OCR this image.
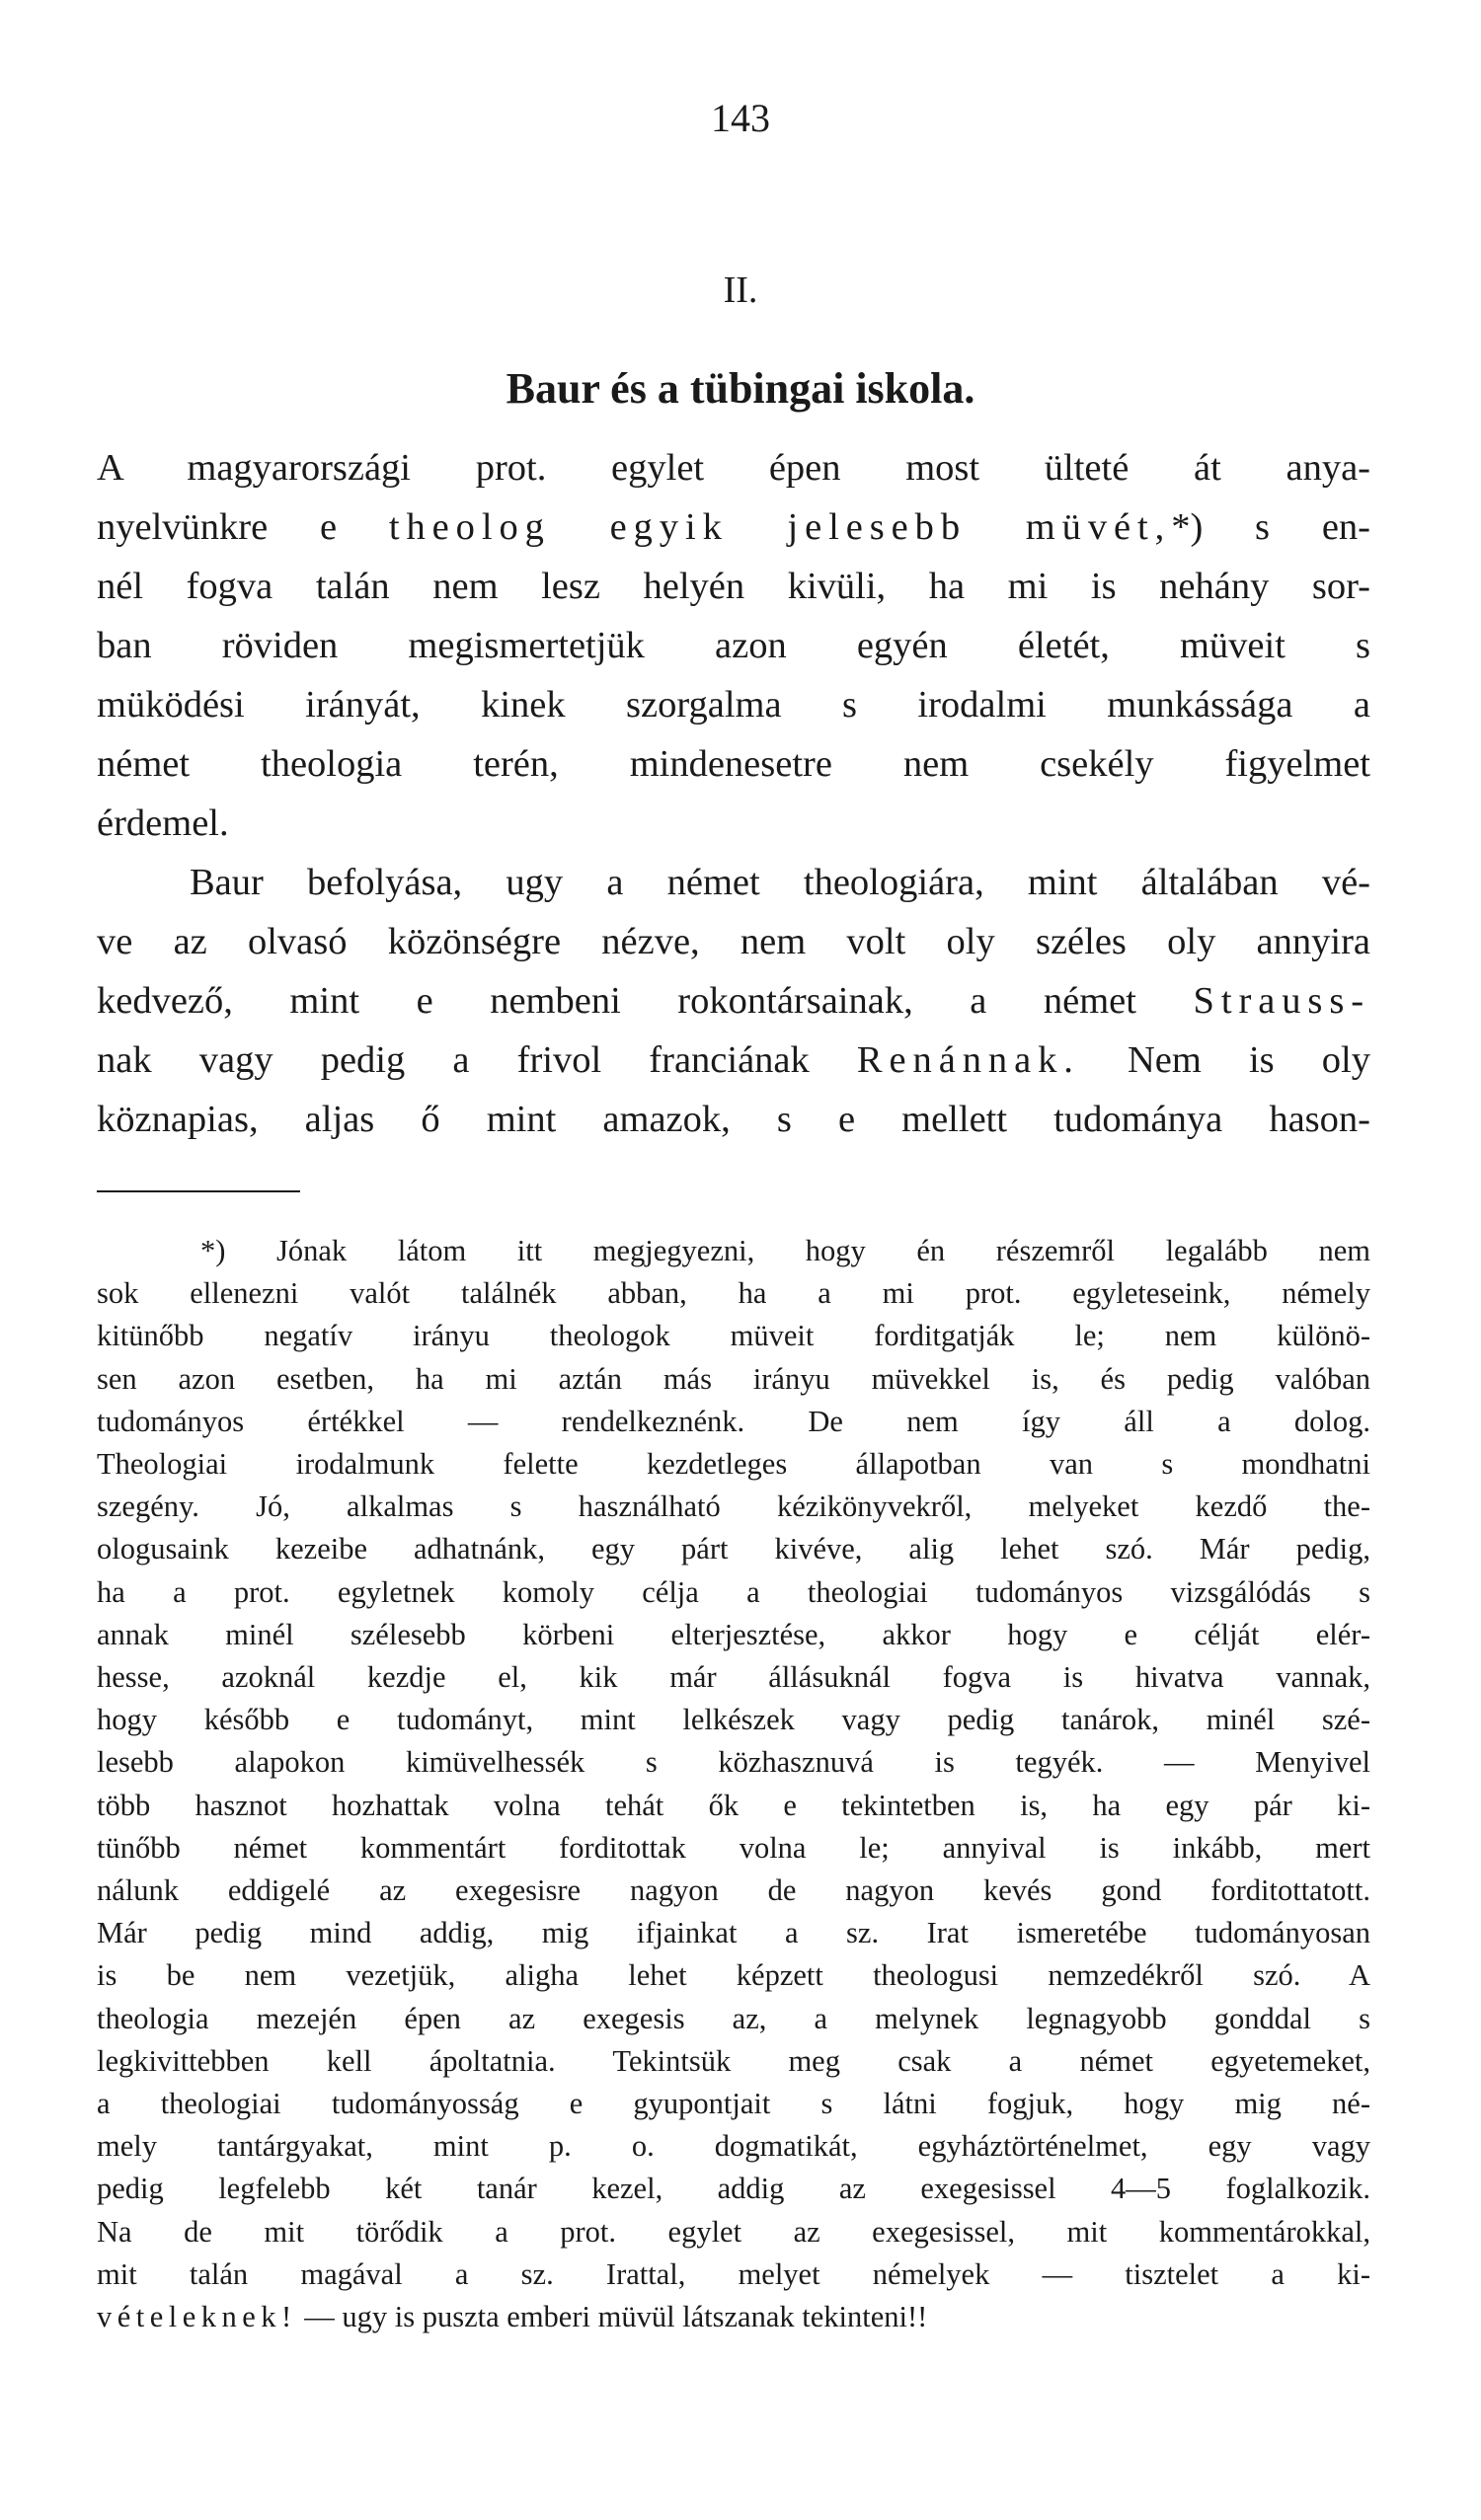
143
II.
Baur és a tübingai iskola.

A magyarországi prot. egylet épen most ülteté át anya-
nyelvünkre e theolog egyik jelesebb müvét,*) s en-
nél fogva talán nem lesz helyén kivüli, ha mi is nehány sor-
ban röviden megismertetjük azon egyén életét, müveit s
müködési irányát, kinek szorgalma s irodalmi munkássága a
német theologia terén, mindenesetre nem csekély figyelmet
érdemel.

Baur befolyása, ugy a német theologiára, mint általában vé-
ve az olvasó közönségre nézve, nem volt oly széles oly annyira
kedvező, mint e nembeni rokontársainak, a német Strauss-
nak vagy pedig a frivol franciának Renánnak. Nem is oly
köznapias, aljas ő mint amazok, s e mellett tudománya hason-

*) Jónak látom itt megjegyezni, hogy én részemről legalább nem
sok ellenezni valót találnék abban, ha a mi prot. egyleteseink, némely
kitünőbb negatív irányu theologok müveit forditgatják le; nem különö-
sen azon esetben, ha mi aztán más irányu müvekkel is, és pedig valóban
tudományos értékkel — rendelkeznénk. De nem így áll a dolog.
Theologiai irodalmunk felette kezdetleges állapotban van s mondhatni
szegény. Jó, alkalmas s használható kézikönyvekről, melyeket kezdő the-
ologusaink kezeibe adhatnánk, egy párt kivéve, alig lehet szó. Már pedig,
ha a prot. egyletnek komoly célja a theologiai tudományos vizsgálódás s
annak minél szélesebb körbeni elterjesztése, akkor hogy e célját elér-
hesse, azoknál kezdje el, kik már állásuknál fogva is hivatva vannak,
hogy később e tudományt, mint lelkészek vagy pedig tanárok, minél szé-
lesebb alapokon kimüvelhessék s közhasznuvá is tegyék. — Menyivel
több hasznot hozhattak volna tehát ők e tekintetben is, ha egy pár ki-
tünőbb német kommentárt forditottak volna le; annyival is inkább, mert
nálunk eddigelé az exegesisre nagyon de nagyon kevés gond forditottatott.
Már pedig mind addig, mig ifjainkat a sz. Irat ismeretébe tudományosan
is be nem vezetjük, aligha lehet képzett theologusi nemzedékről szó. A
theologia mezején épen az exegesis az, a melynek legnagyobb gonddal s
legkivittebben kell ápoltatnia. Tekintsük meg csak a német egyetemeket,
a theologiai tudományosság e gyupontjait s látni fogjuk, hogy mig né-
mely tantárgyakat, mint p. o. dogmatikát, egyháztörténelmet, egy vagy
pedig legfelebb két tanár kezel, addig az exegesissel 4—5 foglalkozik.
Na de mit törődik a prot. egylet az exegesissel, mit kommentárokkal,
mit talán magával a sz. Irattal, melyet némelyek — tisztelet a ki-
vételeknek! — ugy is puszta emberi müvül látszanak tekinteni!!
